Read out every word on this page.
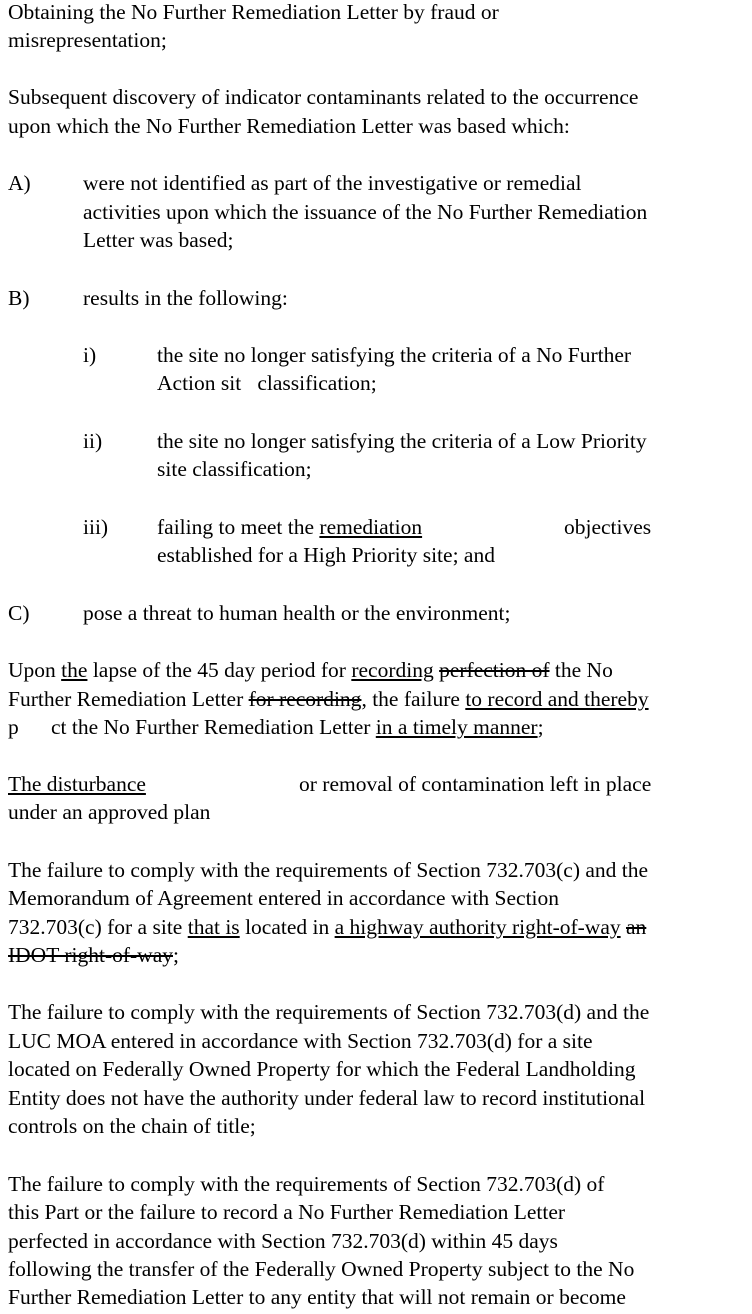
Obtaining the No Further Remediation Letter by fraud or

misrepresentation;

Subsequent discovery of indicator contaminants related to the occurrence

upon which the No Further Remediation Letter was based which:

A) were not identified as part of the investigative or remedial

activities upon which the issuance of the No Further Remediation

Letter was based;

B) results in the following:

i)	the site no longer satisfying the criteria of a No Further

Action sit   classification;

ii)	the site no longer satisfying the criteria of a Low Priority

site classification;

iii) failing to meet the remediation	objectives

established for a High Priority site; and

C) pose a threat to human health or the environment;

Upon the lapse of the 45 day period for recording perfection of the No

Further Remediation Letter for recording, the failure to record and thereby

p      ct the No Further Remediation Letter in a timely manner;

The disturbance	or removal of contamination left in place

under an approved plan

The failure to comply with the requirements of Section 732.703(c) and the

Memorandum of Agreement entered in accordance with Section

732.703(c) for a site that is located in a highway authority right-of-way an

IDOT right-of-way;

The failure to comply with the requirements of Section 732.703(d) and the

LUC MOA entered in accordance with Section 732.703(d) for a site

located on Federally Owned Property for which the Federal Landholding

Entity does not have the authority under federal law to record institutional

controls on the chain of title;

The failure to comply with the requirements of Section 732.703(d) of

this Part or the failure to record a No Further Remediation Letter

perfected in accordance with Section 732.703(d) within 45 days

following the transfer of the Federally Owned Property subject to the No

Further Remediation Letter to any entity that will not remain or become
